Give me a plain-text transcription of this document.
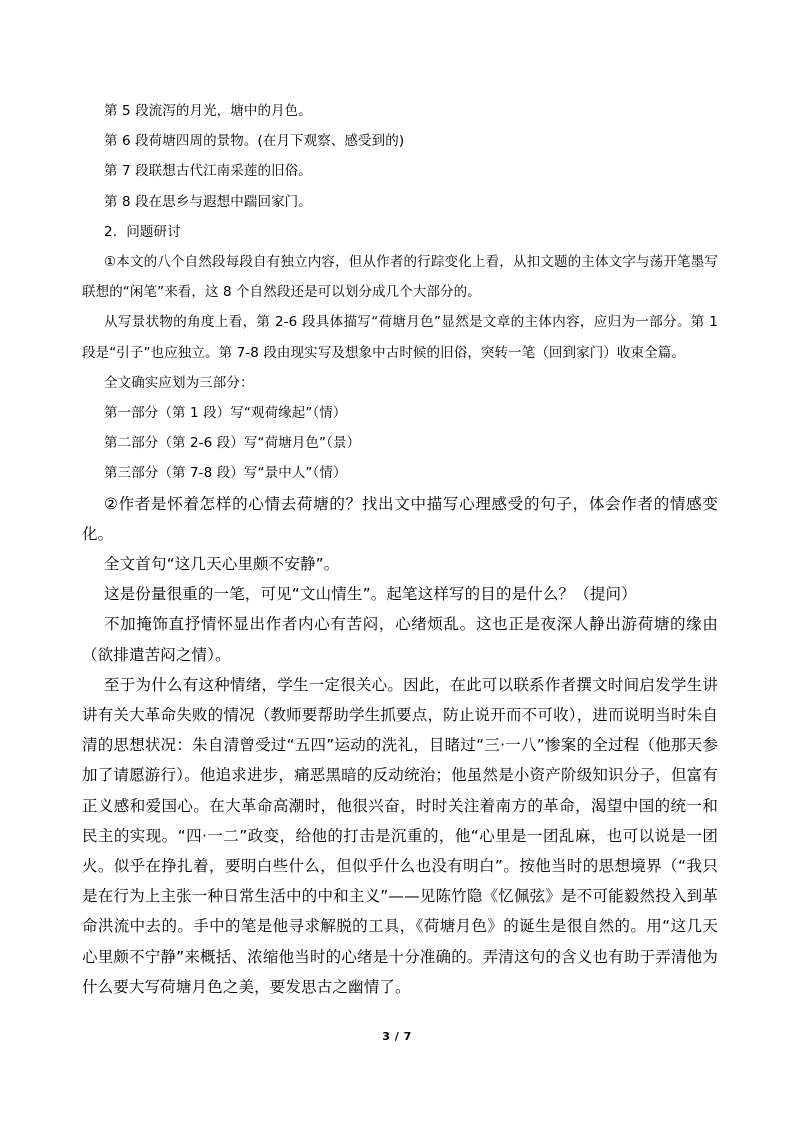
第 5 段流泻的月光，塘中的月色。

第 6 段荷塘四周的景物。(在月下观察、感受到的)

第 7 段联想古代江南采莲的旧俗。

第 8 段在思乡与遐想中踹回家门。

2．问题研讨

①本文的八个自然段每段自有独立内容，但从作者的行踪变化上看，从扣文题的主体文字与荡开笔墨写联想的“闲笔”来看，这 8 个自然段还是可以划分成几个大部分的。

从写景状物的角度上看，第 2-6 段具体描写“荷塘月色”显然是文章的主体内容，应归为一部分。第 1 段是“引子”也应独立。第 7-8 段由现实写及想象中古时候的旧俗，突转一笔（回到家门）收束全篇。

全文确实应划为三部分：

第一部分（第 1 段）写“观荷缘起”（情）

第二部分（第 2-6 段）写“荷塘月色”（景）

第三部分（第 7-8 段）写“景中人”（情）

②作者是怀着怎样的心情去荷塘的？找出文中描写心理感受的句子，体会作者的情感变化。

全文首句“这几天心里颇不安静”。

这是份量很重的一笔，可见“文山情生”。起笔这样写的目的是什么？（提问）

不加掩饰直抒情怀显出作者内心有苦闷，心绪烦乱。这也正是夜深人静出游荷塘的缘由（欲排遣苦闷之情）。

至于为什么有这种情绪，学生一定很关心。因此，在此可以联系作者撰文时间启发学生讲讲有关大革命失败的情况（教师要帮助学生抓要点，防止说开而不可收），进而说明当时朱自清的思想状况：朱自清曾受过“五四”运动的洗礼，目睹过“三·一八”惨案的全过程（他那天参加了请愿游行）。他追求进步，痛恶黑暗的反动统治；他虽然是小资产阶级知识分子，但富有正义感和爱国心。在大革命高潮时，他很兴奋，时时关注着南方的革命，渴望中国的统一和民主的实现。“四·一二”政变，给他的打击是沉重的，他“心里是一团乱麻，也可以说是一团火。似乎在挣扎着，要明白些什么，但似乎什么也没有明白”。按他当时的思想境界（“我只是在行为上主张一种日常生活中的中和主义”——见陈竹隐《忆佩弦》是不可能毅然投入到革命洪流中去的。手中的笔是他寻求解脱的工具，《荷塘月色》的诞生是很自然的。用“这几天心里颇不宁静”来概括、浓缩他当时的心绪是十分准确的。弄清这句的含义也有助于弄清他为什么要大写荷塘月色之美，要发思古之幽情了。

3 / 7
